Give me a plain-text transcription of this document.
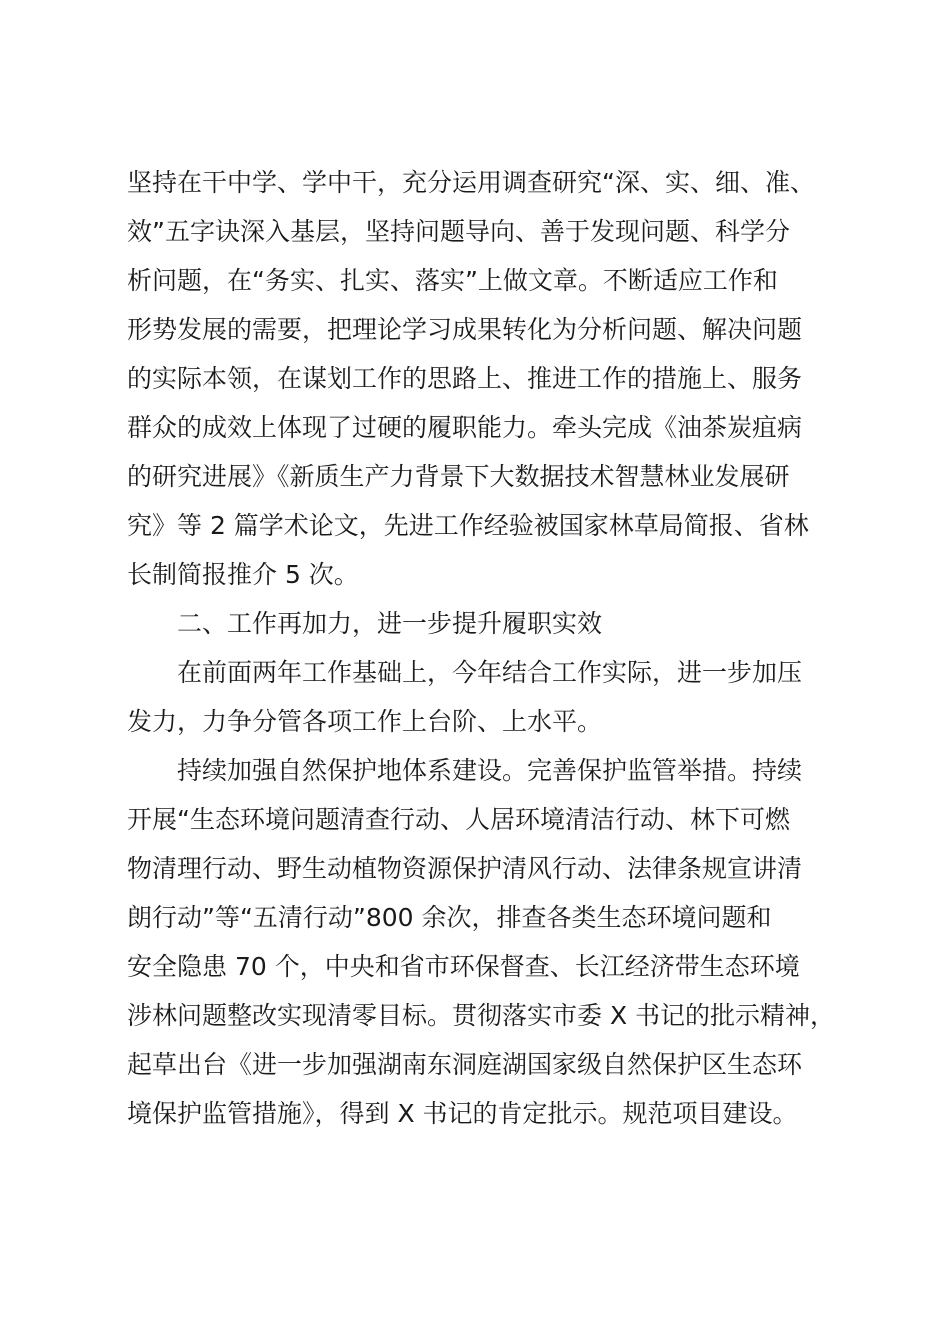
坚持在干中学、学中干，充分运用调查研究“深、实、细、准、
效”五字诀深入基层，坚持问题导向、善于发现问题、科学分
析问题，在“务实、扎实、落实”上做文章。不断适应工作和
形势发展的需要，把理论学习成果转化为分析问题、解决问题
的实际本领，在谋划工作的思路上、推进工作的措施上、服务
群众的成效上体现了过硬的履职能力。牵头完成《油茶炭疽病
的研究进展》《新质生产力背景下大数据技术智慧林业发展研
究》等 2 篇学术论文，先进工作经验被国家林草局简报、省林
长制简报推介 5 次。
二、工作再加力，进一步提升履职实效
在前面两年工作基础上，今年结合工作实际，进一步加压
发力，力争分管各项工作上台阶、上水平。
持续加强自然保护地体系建设。完善保护监管举措。持续
开展“生态环境问题清查行动、人居环境清洁行动、林下可燃
物清理行动、野生动植物资源保护清风行动、法律条规宣讲清
朗行动”等“五清行动”800 余次，排查各类生态环境问题和
安全隐患 70 个，中央和省市环保督查、长江经济带生态环境
涉林问题整改实现清零目标。贯彻落实市委 X 书记的批示精神，
起草出台《进一步加强湖南东洞庭湖国家级自然保护区生态环
境保护监管措施》，得到 X 书记的肯定批示。规范项目建设。
